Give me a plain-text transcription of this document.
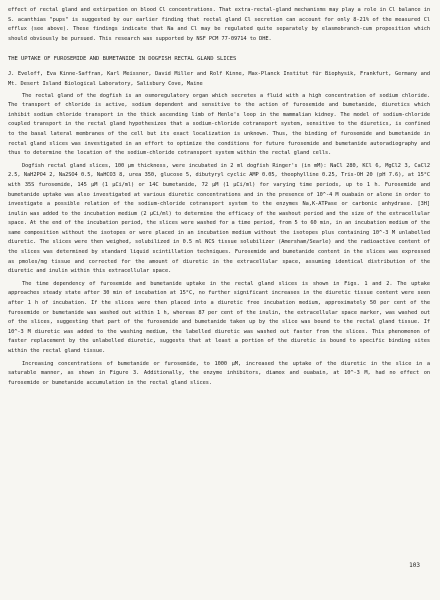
effect of rectal gland and extirpation on blood Cl concentrations. That extra-rectal-gland mechanisms may play a role in Cl balance in S. acanthias "pups" is suggested by our earlier finding that rectal gland Cl secretion can account for only 8-21% of the measured Cl efflux (see above). These findings indicate that Na and Cl may be regulated quite separately by elasmobranch-cum proposition which should obviously be pursued. This research was supported by NSF PCM 77-09714 to DHE.

THE UPTAKE OF FUROSEMIDE AND BUMETANIDE IN DOGFISH RECTAL GLAND SLICES

J. Eveloff, Eva Kinne-Saffran, Karl Meissner, David Miller and Rolf Kinne, Max-Planck Institut für Biophysik, Frankfurt, Germany and Mt. Desert Island Biological Laboratory, Salisbury Cove, Maine

The rectal gland of the dogfish is an osmoregulatory organ which secretes a fluid with a high concentration of sodium chloride. The transport of chloride is active, sodium dependent and sensitive to the action of furosemide and bumetanide, diuretics which inhibit sodium chloride transport in the thick ascending limb of Henle's loop in the mammalian kidney. The model of sodium-chloride coupled transport in the rectal gland hypothesizes that a sodium-chloride cotransport system, sensitive to the diuretics, is confined to the basal lateral membranes of the cell but its exact localization is unknown. Thus, the binding of furosemide and bumetanide in rectal gland slices was investigated in an effort to optimize the conditions for future furosemide and bumetanide autoradiography and thus to determine the location of the sodium-chloride cotransport system within the rectal gland cells.

Dogfish rectal gland slices, 100 µm thickness, were incubated in 2 ml dogfish Ringer's (in mM): NaCl 280, KCl 6, MgCl2 3, CaCl2 2.5, NaH2PO4 2, Na2SO4 0.5, NaHCO3 8, urea 350, glucose 5, dibutyryl cyclic AMP 0.05, theophylline 0.25, Tris-OH 20 (pH 7.6), at 15°C with 35S furosemide, 145 µM (1 µCi/ml) or 14C bumetanide, 72 µM (1 µCi/ml) for varying time periods, up to 1 h. Furosemide and bumetanide uptake was also investigated at various diuretic concentrations and in the presence of 10^-4 M ouabain or alone in order to investigate a possible relation of the sodium-chloride cotransport system to the enzymes Na,K-ATPase or carbonic anhydrase. [3H] inulin was added to the incubation medium (2 µCi/ml) to determine the efficacy of the washout period and the size of the extracellular space. At the end of the incubation period, the slices were washed for a time period, from 5 to 60 min, in an incubation medium of the same composition without the isotopes or were placed in an incubation medium without the isotopes plus containing 10^-3 M unlabelled diuretic. The slices were then weighed, solubilized in 0.5 ml NCS tissue solubilizer (Amersham/Searle) and the radioactive content of the slices was determined by standard liquid scintillation techniques. Furosemide and bumetanide content in the slices was expressed as pmoles/mg tissue and corrected for the amount of diuretic in the extracellular space, assuming identical distribution of the diuretic and inulin within this extracellular space.

The time dependency of furosemide and bumetanide uptake in the rectal gland slices is shown in Figs. 1 and 2. The uptake approaches steady state after 30 min of incubation at 15°C, no further significant increases in the diuretic tissue content were seen after 1 h of incubation. If the slices were then placed into a diuretic free incubation medium, approximately 50 per cent of the furosemide or bumetanide was washed out within 1 h, whereas 87 per cent of the inulin, the extracellular space marker, was washed out of the slices, suggesting that part of the furosemide and bumetanide taken up by the slice was bound to the rectal gland tissue. If 10^-3 M diuretic was added to the washing medium, the labelled diuretic was washed out faster from the slices. This phenomenon of faster replacement by the unlabelled diuretic, suggests that at least a portion of the diuretic is bound to specific binding sites within the rectal gland tissue.

Increasing concentrations of bumetanide or furosemide, to 1000 µM, increased the uptake of the diuretic in the slice in a saturable manner, as shown in Figure 3. Additionally, the enzyme inhibitors, diamox and ouabain, at 10^-3 M, had no effect on furosemide or bumetanide accumulation in the rectal gland slices.

103
